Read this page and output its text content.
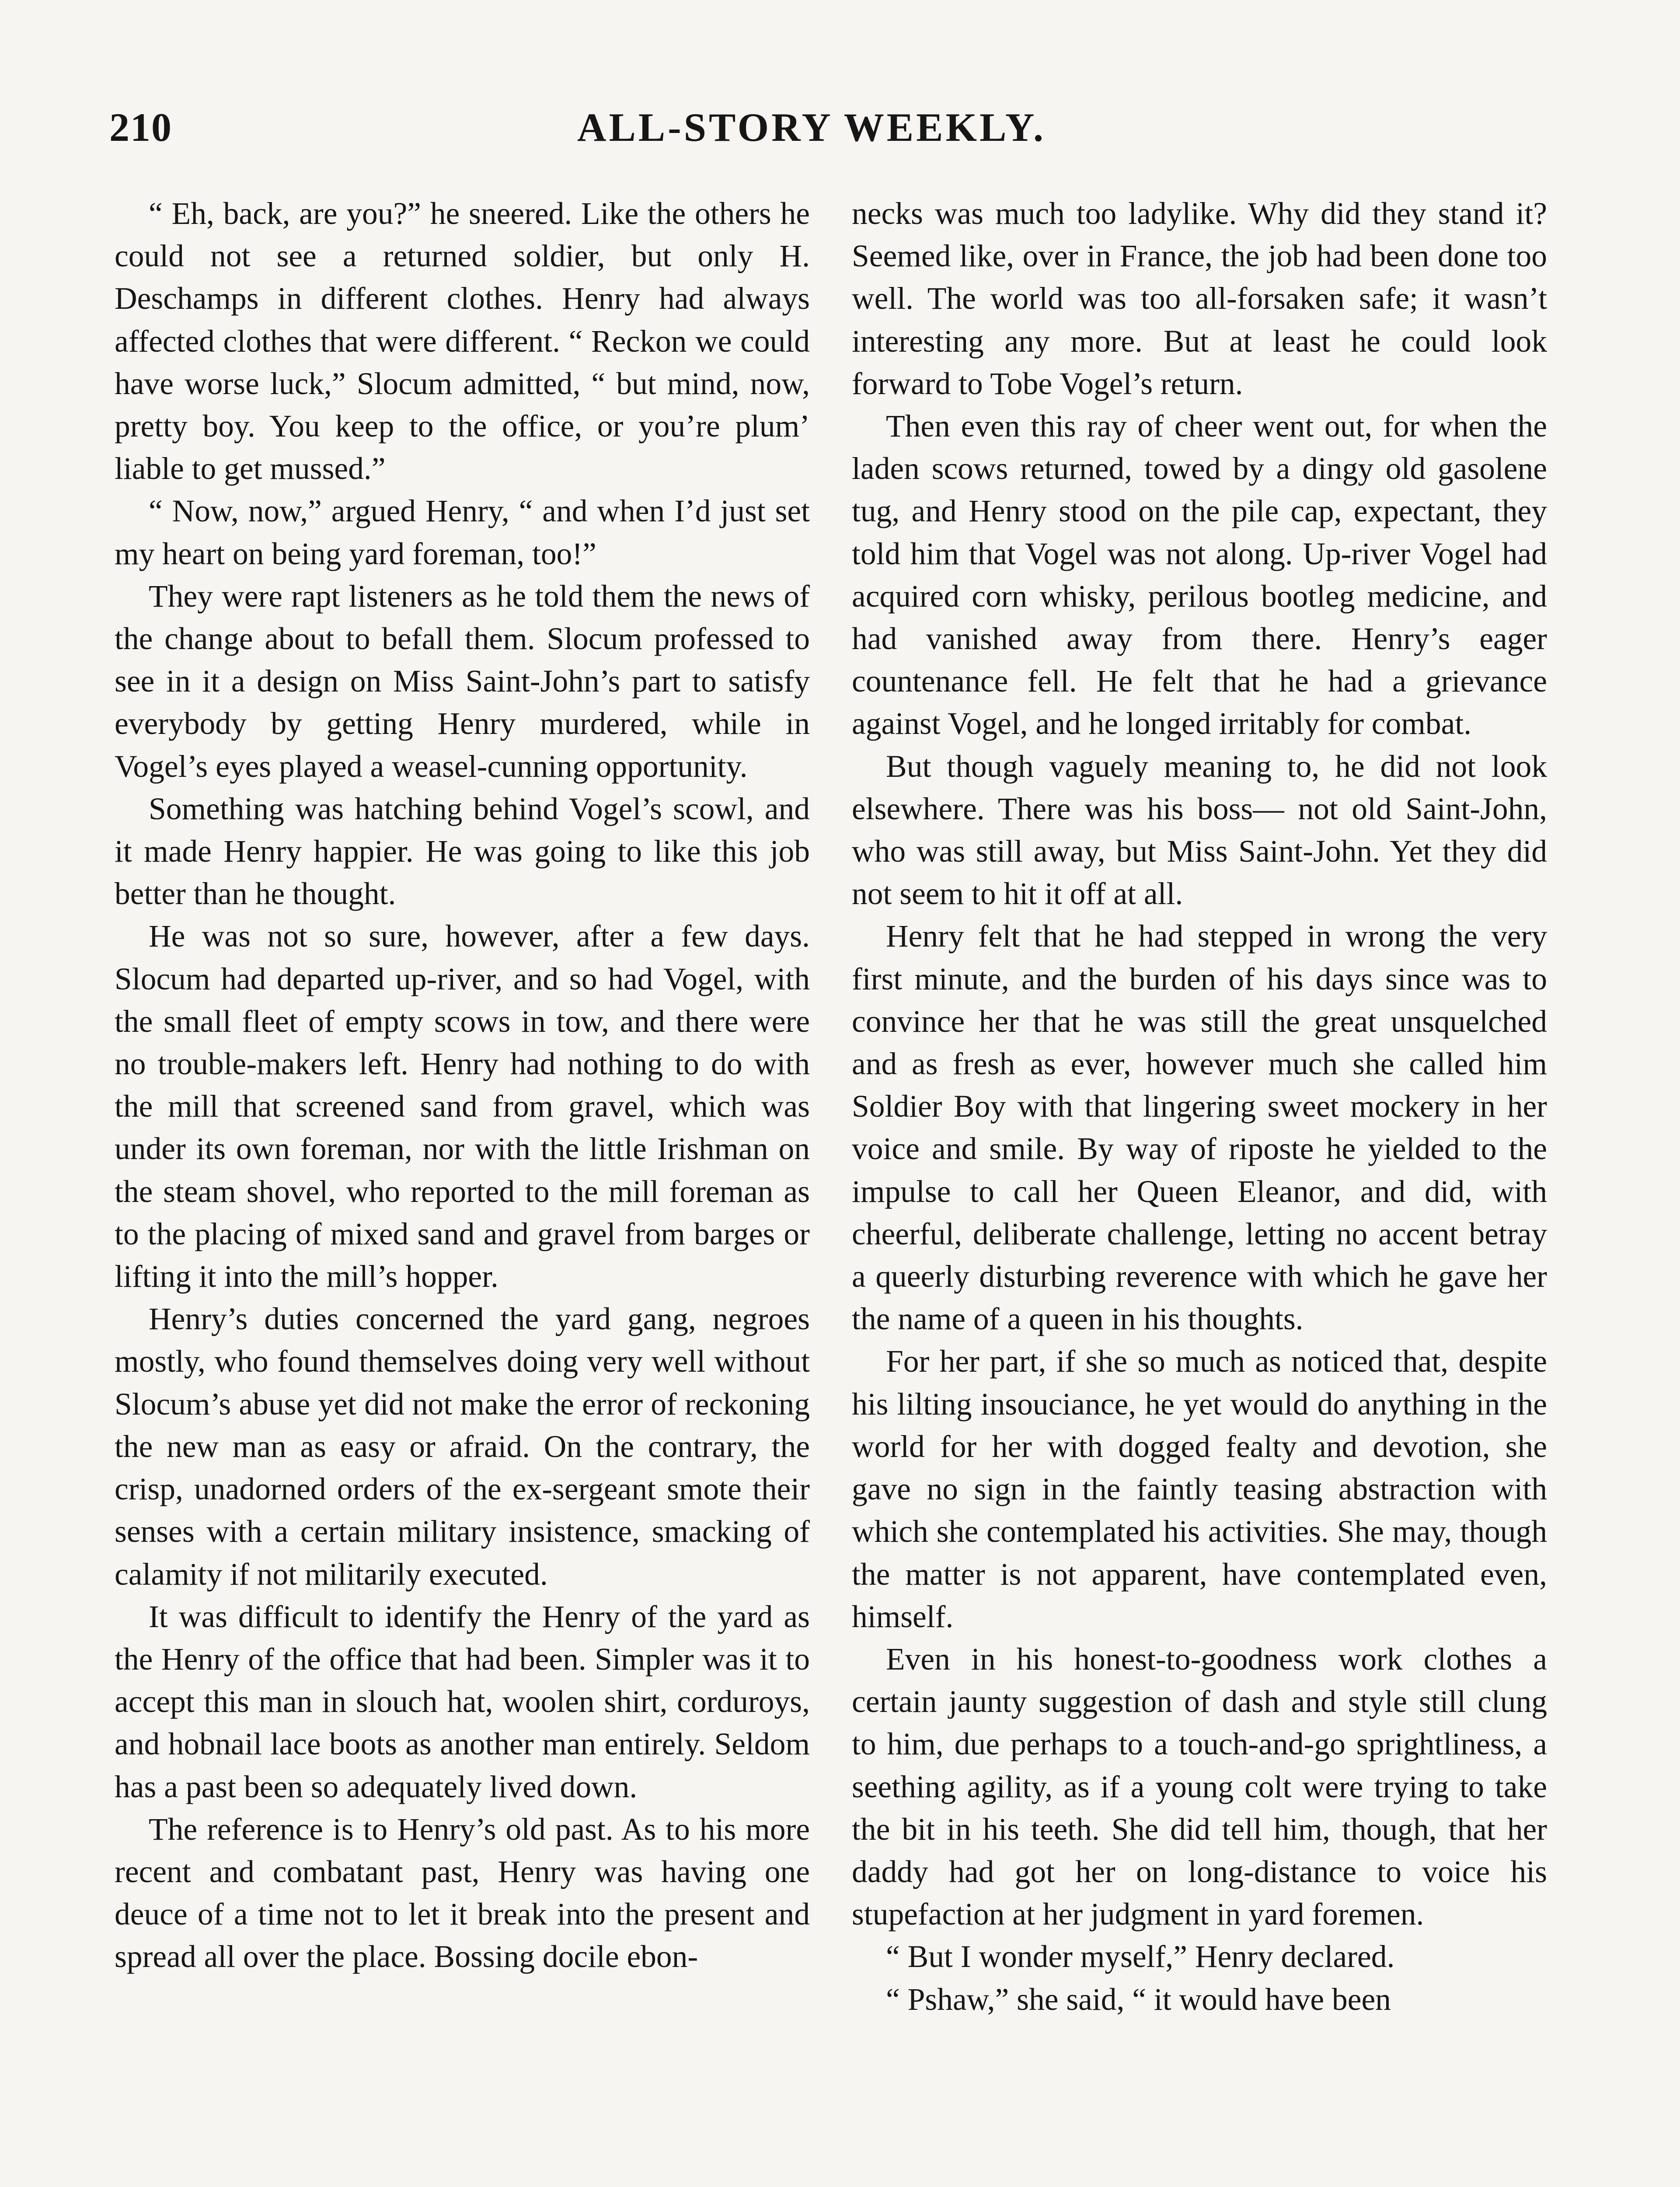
210	ALL-STORY WEEKLY.

“ Eh, back, are you?” he sneered. Like the others he could not see a returned soldier, but only H. Deschamps in different clothes. Henry had always affected clothes that were different. “ Reckon we could have worse luck,” Slocum admitted, “ but mind, now, pretty boy. You keep to the office, or you’re plum’ liable to get mussed.”

“ Now, now,” argued Henry, “ and when I’d just set my heart on being yard foreman, too!”

They were rapt listeners as he told them the news of the change about to befall them. Slocum professed to see in it a design on Miss Saint-John’s part to satisfy everybody by getting Henry murdered, while in Vogel’s eyes played a weasel-cunning opportunity.

Something was hatching behind Vogel’s scowl, and it made Henry happier. He was going to like this job better than he thought.

He was not so sure, however, after a few days. Slocum had departed up-river, and so had Vogel, with the small fleet of empty scows in tow, and there were no trouble-makers left. Henry had nothing to do with the mill that screened sand from gravel, which was under its own foreman, nor with the little Irishman on the steam shovel, who reported to the mill foreman as to the placing of mixed sand and gravel from barges or lifting it into the mill’s hopper.

Henry’s duties concerned the yard gang, negroes mostly, who found themselves doing very well without Slocum’s abuse yet did not make the error of reckoning the new man as easy or afraid. On the contrary, the crisp, unadorned orders of the ex-sergeant smote their senses with a certain military insistence, smacking of calamity if not militarily executed.

It was difficult to identify the Henry of the yard as the Henry of the office that had been. Simpler was it to accept this man in slouch hat, woolen shirt, corduroys, and hobnail lace boots as another man entirely. Seldom has a past been so adequately lived down.

The reference is to Henry’s old past. As to his more recent and combatant past, Henry was having one deuce of a time not to let it break into the present and spread all over the place. Bossing docile ebon-

necks was much too ladylike. Why did they stand it? Seemed like, over in France, the job had been done too well. The world was too all-forsaken safe; it wasn’t interesting any more. But at least he could look forward to Tobe Vogel’s return.

Then even this ray of cheer went out, for when the laden scows returned, towed by a dingy old gasolene tug, and Henry stood on the pile cap, expectant, they told him that Vogel was not along. Up-river Vogel had acquired corn whisky, perilous bootleg medicine, and had vanished away from there. Henry’s eager countenance fell. He felt that he had a grievance against Vogel, and he longed irritably for combat.

But though vaguely meaning to, he did not look elsewhere. There was his boss— not old Saint-John, who was still away, but Miss Saint-John. Yet they did not seem to hit it off at all.

Henry felt that he had stepped in wrong the very first minute, and the burden of his days since was to convince her that he was still the great unsquelched and as fresh as ever, however much she called him Soldier Boy with that lingering sweet mockery in her voice and smile. By way of riposte he yielded to the impulse to call her Queen Eleanor, and did, with cheerful, deliberate challenge, letting no accent betray a queerly disturbing reverence with which he gave her the name of a queen in his thoughts.

For her part, if she so much as noticed that, despite his lilting insouciance, he yet would do anything in the world for her with dogged fealty and devotion, she gave no sign in the faintly teasing abstraction with which she contemplated his activities. She may, though the matter is not apparent, have contemplated even, himself.

Even in his honest-to-goodness work clothes a certain jaunty suggestion of dash and style still clung to him, due perhaps to a touch-and-go sprightliness, a seething agility, as if a young colt were trying to take the bit in his teeth. She did tell him, though, that her daddy had got her on long-distance to voice his stupefaction at her judgment in yard foremen.

“ But I wonder myself,” Henry declared.

“ Pshaw,” she said, “ it would have been
